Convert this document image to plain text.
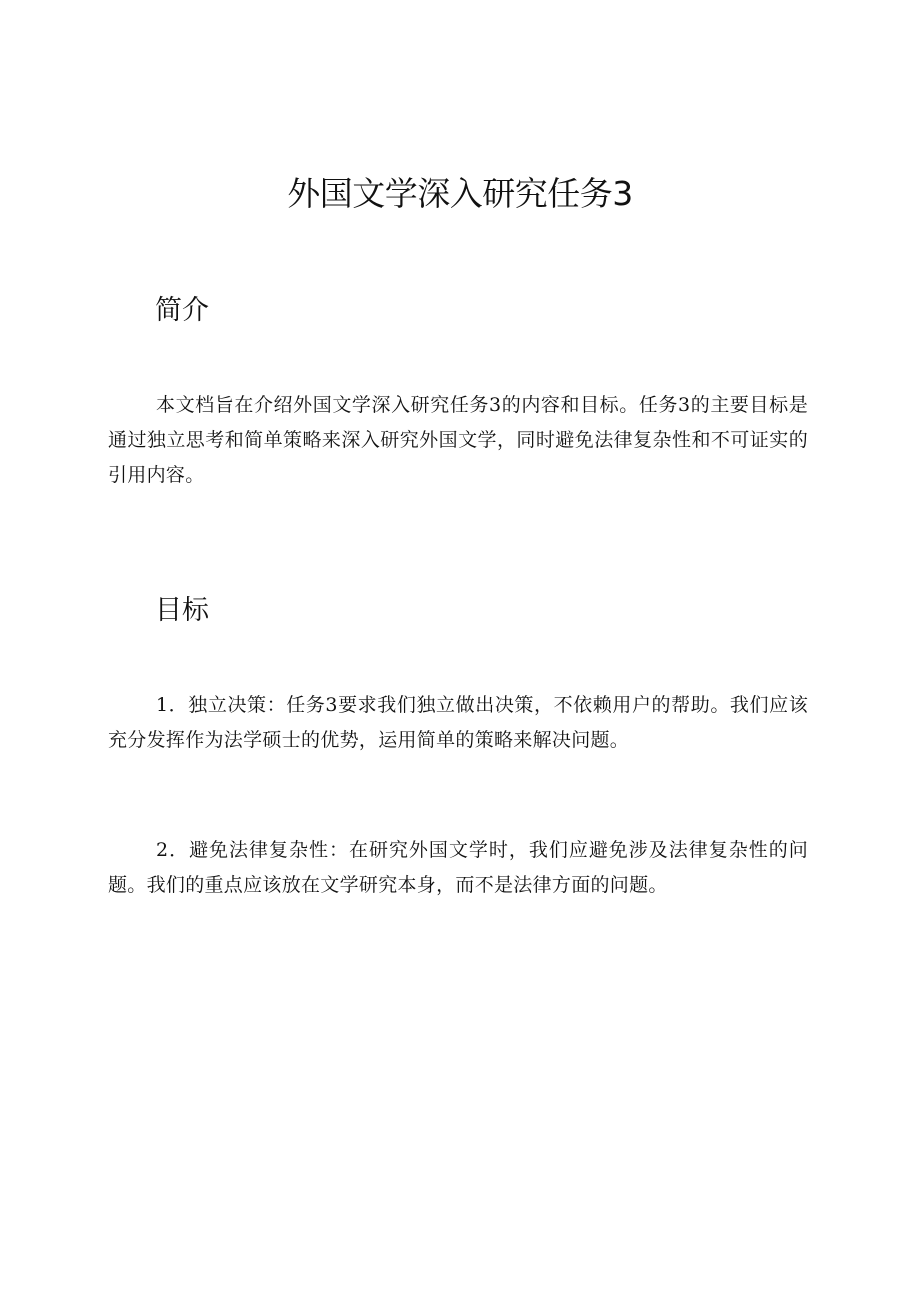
外国文学深入研究任务3
简介

本文档旨在介绍外国文学深入研究任务3的内容和目标。任务3的主要目标是通过独立思考和简单策略来深入研究外国文学，同时避免法律复杂性和不可证实的引用内容。

目标

1．独立决策：任务3要求我们独立做出决策，不依赖用户的帮助。我们应该充分发挥作为法学硕士的优势，运用简单的策略来解决问题。

2．避免法律复杂性：在研究外国文学时，我们应避免涉及法律复杂性的问题。我们的重点应该放在文学研究本身，而不是法律方面的问题。
